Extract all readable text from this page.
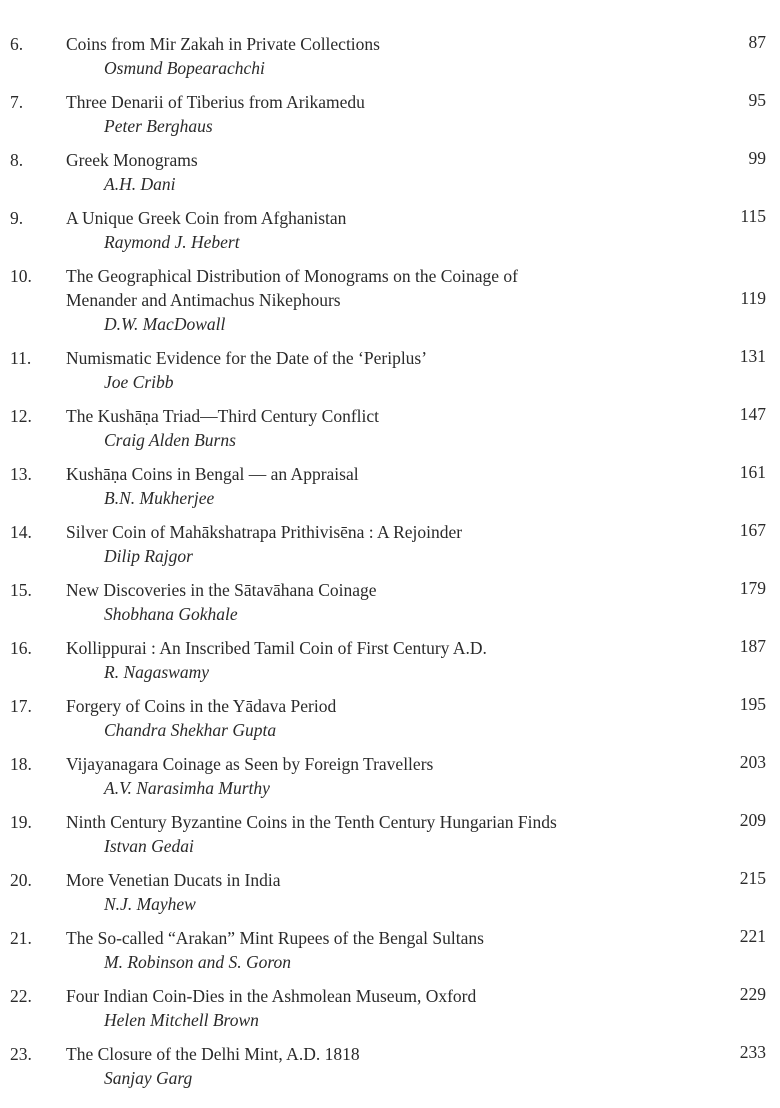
6. Coins from Mir Zakah in Private Collections	87
Osmund Bopearachchi
7. Three Denarii of Tiberius from Arikamedu	95
Peter Berghaus
8. Greek Monograms	99
A.H. Dani
9. A Unique Greek Coin from Afghanistan	115
Raymond J. Hebert
10. The Geographical Distribution of Monograms on the Coinage of
Menander and Antimachus Nikephours	119
D.W. MacDowall
11. Numismatic Evidence for the Date of the ‘Periplus’	131
Joe Cribb
12. The Kushāṇa Triad—Third Century Conflict	147
Craig Alden Burns
13. Kushāṇa Coins in Bengal — an Appraisal	161
B.N. Mukherjee
14. Silver Coin of Mahākshatrapa Prithivisēna : A Rejoinder	167
Dilip Rajgor
15. New Discoveries in the Sātavāhana Coinage	179
Shobhana Gokhale
16. Kollippurai : An Inscribed Tamil Coin of First Century A.D.	187
R. Nagaswamy
17. Forgery of Coins in the Yādava Period	195
Chandra Shekhar Gupta
18. Vijayanagara Coinage as Seen by Foreign Travellers	203
A.V. Narasimha Murthy
19. Ninth Century Byzantine Coins in the Tenth Century Hungarian Finds	209
Istvan Gedai
20. More Venetian Ducats in India	215
N.J. Mayhew
21. The So-called “Arakan” Mint Rupees of the Bengal Sultans	221
M. Robinson and S. Goron
22. Four Indian Coin-Dies in the Ashmolean Museum, Oxford	229
Helen Mitchell Brown
23. The Closure of the Delhi Mint, A.D. 1818	233
Sanjay Garg
